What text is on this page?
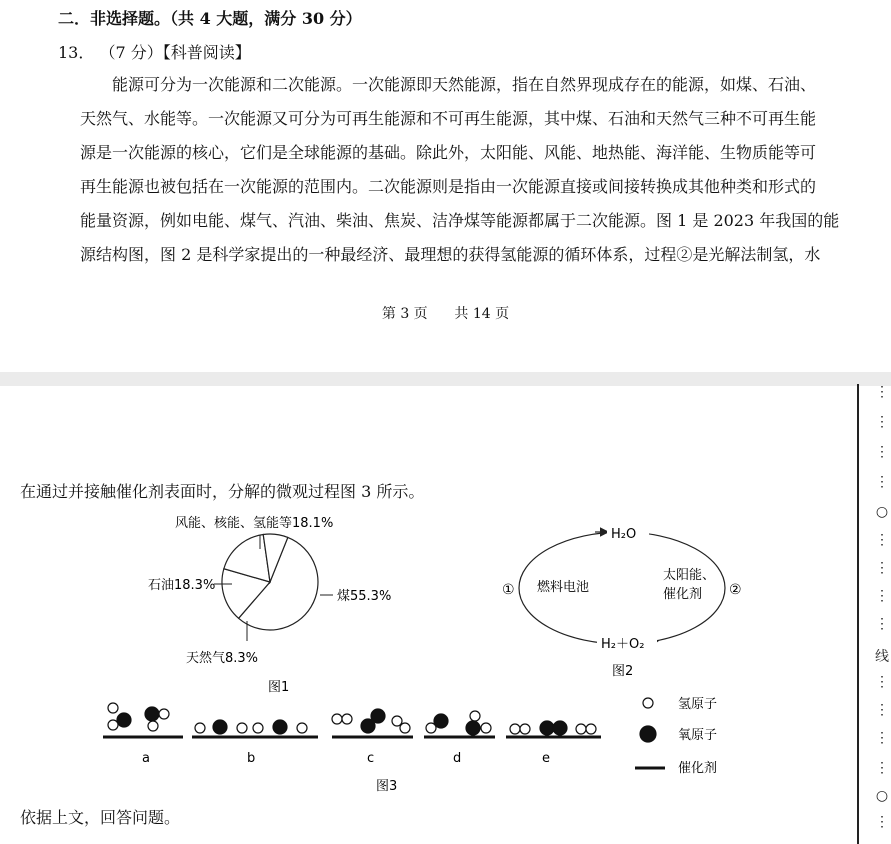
二．非选择题。（共 4 大题，满分 30 分）
13． （7 分）【科普阅读】

能源可分为一次能源和二次能源。一次能源即天然能源，指在自然界现成存在的能源，如煤、石油、

天然气、水能等。一次能源又可分为可再生能源和不可再生能源，其中煤、石油和天然气三种不可再生能

源是一次能源的核心，它们是全球能源的基础。除此外，太阳能、风能、地热能、海洋能、生物质能等可

再生能源也被包括在一次能源的范围内。二次能源则是指由一次能源直接或间接转换成其他种类和形式的

能量资源，例如电能、煤气、汽油、柴油、焦炭、洁净煤等能源都属于二次能源。图 1 是 2023 年我国的能

源结构图，图 2 是科学家提出的一种最经济、最理想的获得氢能源的循环体系，过程②是光解法制氢，水

第 3 页      共 14 页
在通过并接触催化剂表面时，分解的微观过程图 3 所示。
风能、核能、氢能等18.1%
石油18.3%
煤55.3%
天然气8.3%
图1
H₂O
H₂＋O₂
① 燃料电池
太阳能、
催化剂 ②
图2
a	b	c	d	e
氢原子
氧原子
催化剂
图3
依据上文，回答问题。
⋮
⋮
⋮
⋮
○
⋮
⋮
⋮
⋮
线
⋮
⋮
⋮
⋮
○
⋮
